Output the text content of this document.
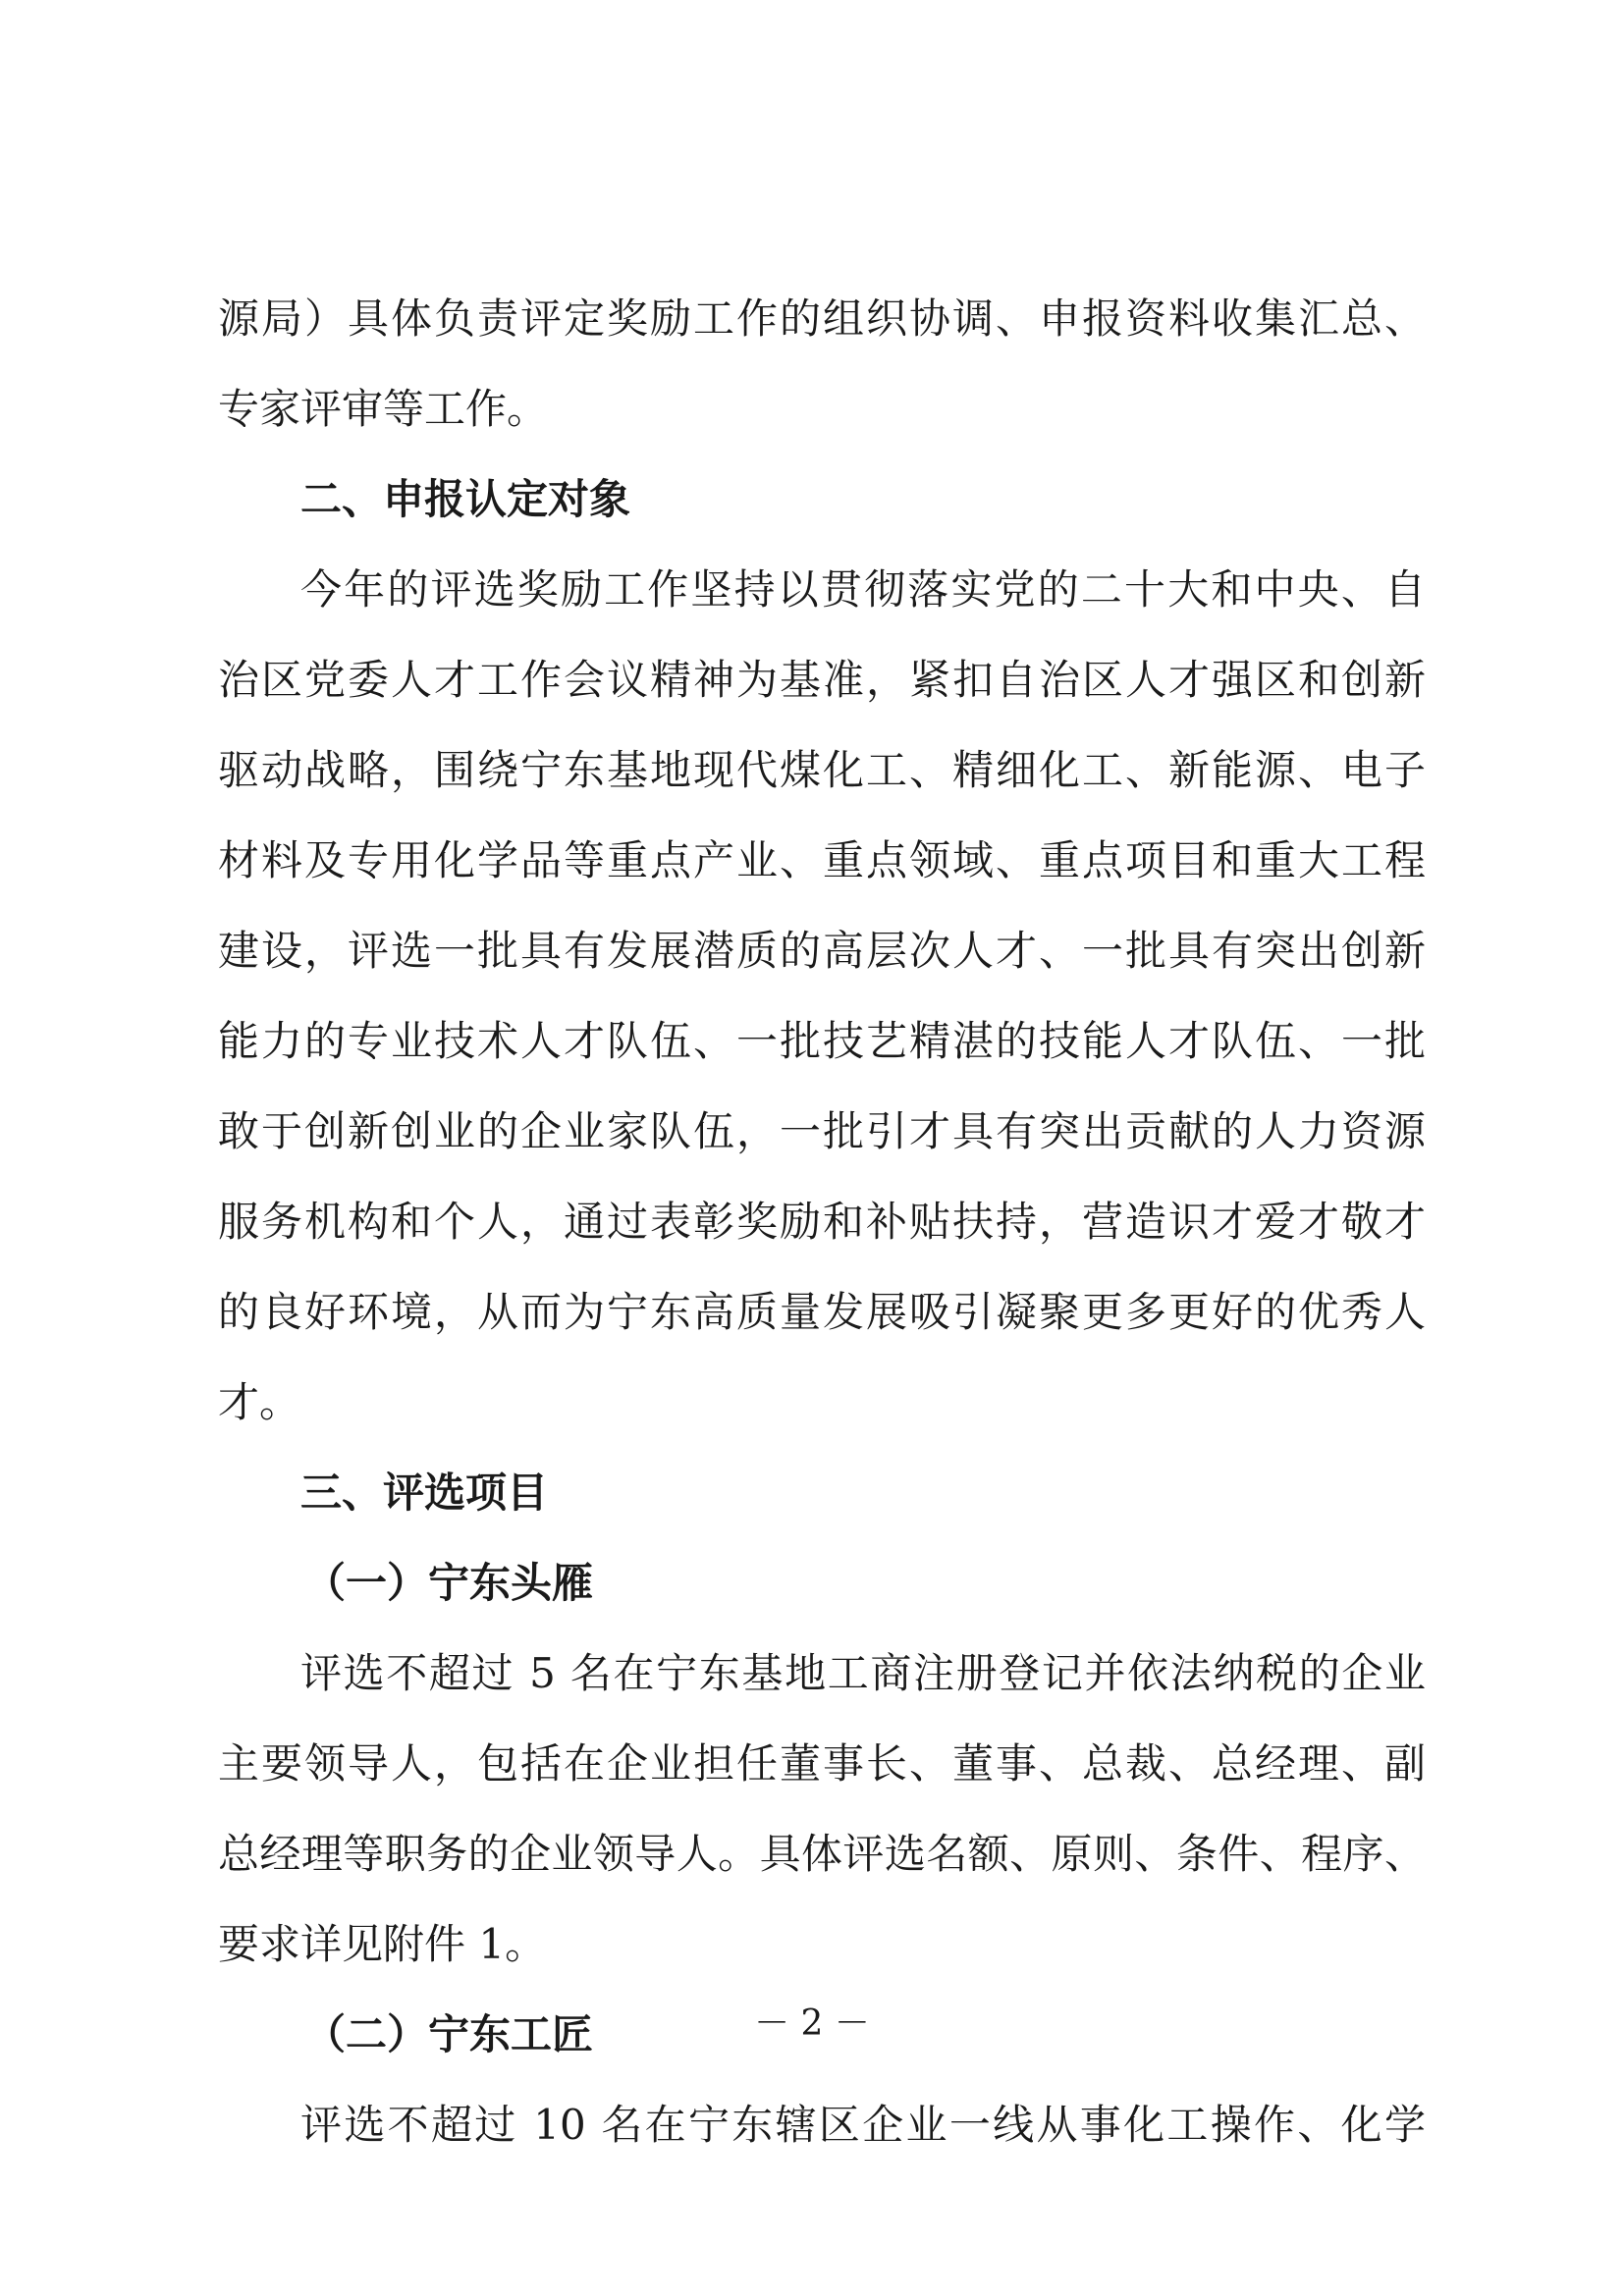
源局）具体负责评定奖励工作的组织协调、申报资料收集汇总、
专家评审等工作。
二、申报认定对象
今年的评选奖励工作坚持以贯彻落实党的二十大和中央、自
治区党委人才工作会议精神为基准，紧扣自治区人才强区和创新
驱动战略，围绕宁东基地现代煤化工、精细化工、新能源、电子
材料及专用化学品等重点产业、重点领域、重点项目和重大工程
建设，评选一批具有发展潜质的高层次人才、一批具有突出创新
能力的专业技术人才队伍、一批技艺精湛的技能人才队伍、一批
敢于创新创业的企业家队伍，一批引才具有突出贡献的人力资源
服务机构和个人，通过表彰奖励和补贴扶持，营造识才爱才敬才
的良好环境，从而为宁东高质量发展吸引凝聚更多更好的优秀人
才。
三、评选项目
（一）宁东头雁
评选不超过 5 名在宁东基地工商注册登记并依法纳税的企业
主要领导人，包括在企业担任董事长、董事、总裁、总经理、副
总经理等职务的企业领导人。具体评选名额、原则、条件、程序、
要求详见附件 1。
（二）宁东工匠
评选不超过 10 名在宁东辖区企业一线从事化工操作、化学
－ 2 －
